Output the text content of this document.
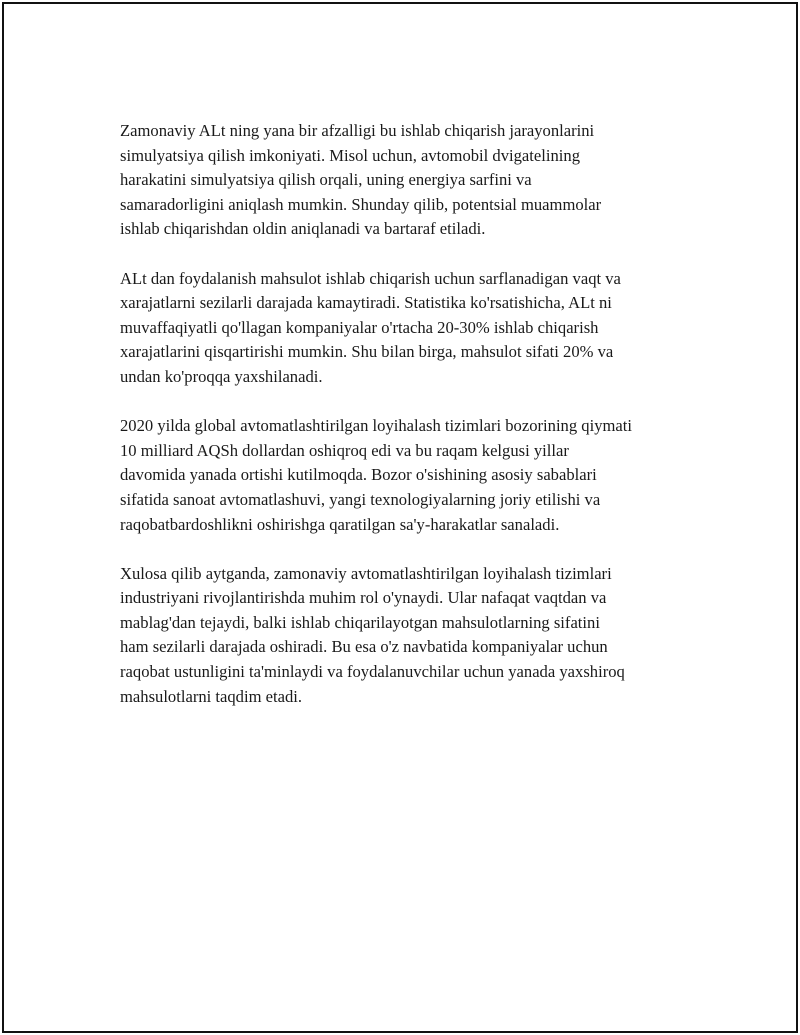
Zamonaviy ALt ning yana bir afzalligi bu ishlab chiqarish jarayonlarini
simulyatsiya qilish imkoniyati. Misol uchun, avtomobil dvigatelining
harakatini simulyatsiya qilish orqali, uning energiya sarfini va
samaradorligini aniqlash mumkin. Shunday qilib, potentsial muammolar
ishlab chiqarishdan oldin aniqlanadi va bartaraf etiladi.

ALt dan foydalanish mahsulot ishlab chiqarish uchun sarflanadigan vaqt va
xarajatlarni sezilarli darajada kamaytiradi. Statistika ko'rsatishicha, ALt ni
muvaffaqiyatli qo'llagan kompaniyalar o'rtacha 20-30% ishlab chiqarish
xarajatlarini qisqartirishi mumkin. Shu bilan birga, mahsulot sifati 20% va
undan ko'proqqa yaxshilanadi.

2020 yilda global avtomatlashtirilgan loyihalash tizimlari bozorining qiymati
10 milliard AQSh dollardan oshiqroq edi va bu raqam kelgusi yillar
davomida yanada ortishi kutilmoqda. Bozor o'sishining asosiy sabablari
sifatida sanoat avtomatlashuvi, yangi texnologiyalarning joriy etilishi va
raqobatbardoshlikni oshirishga qaratilgan sa'y-harakatlar sanaladi.

Xulosa qilib aytganda, zamonaviy avtomatlashtirilgan loyihalash tizimlari
industriyani rivojlantirishda muhim rol o'ynaydi. Ular nafaqat vaqtdan va
mablag'dan tejaydi, balki ishlab chiqarilayotgan mahsulotlarning sifatini
ham sezilarli darajada oshiradi. Bu esa o'z navbatida kompaniyalar uchun
raqobat ustunligini ta'minlaydi va foydalanuvchilar uchun yanada yaxshiroq
mahsulotlarni taqdim etadi.
